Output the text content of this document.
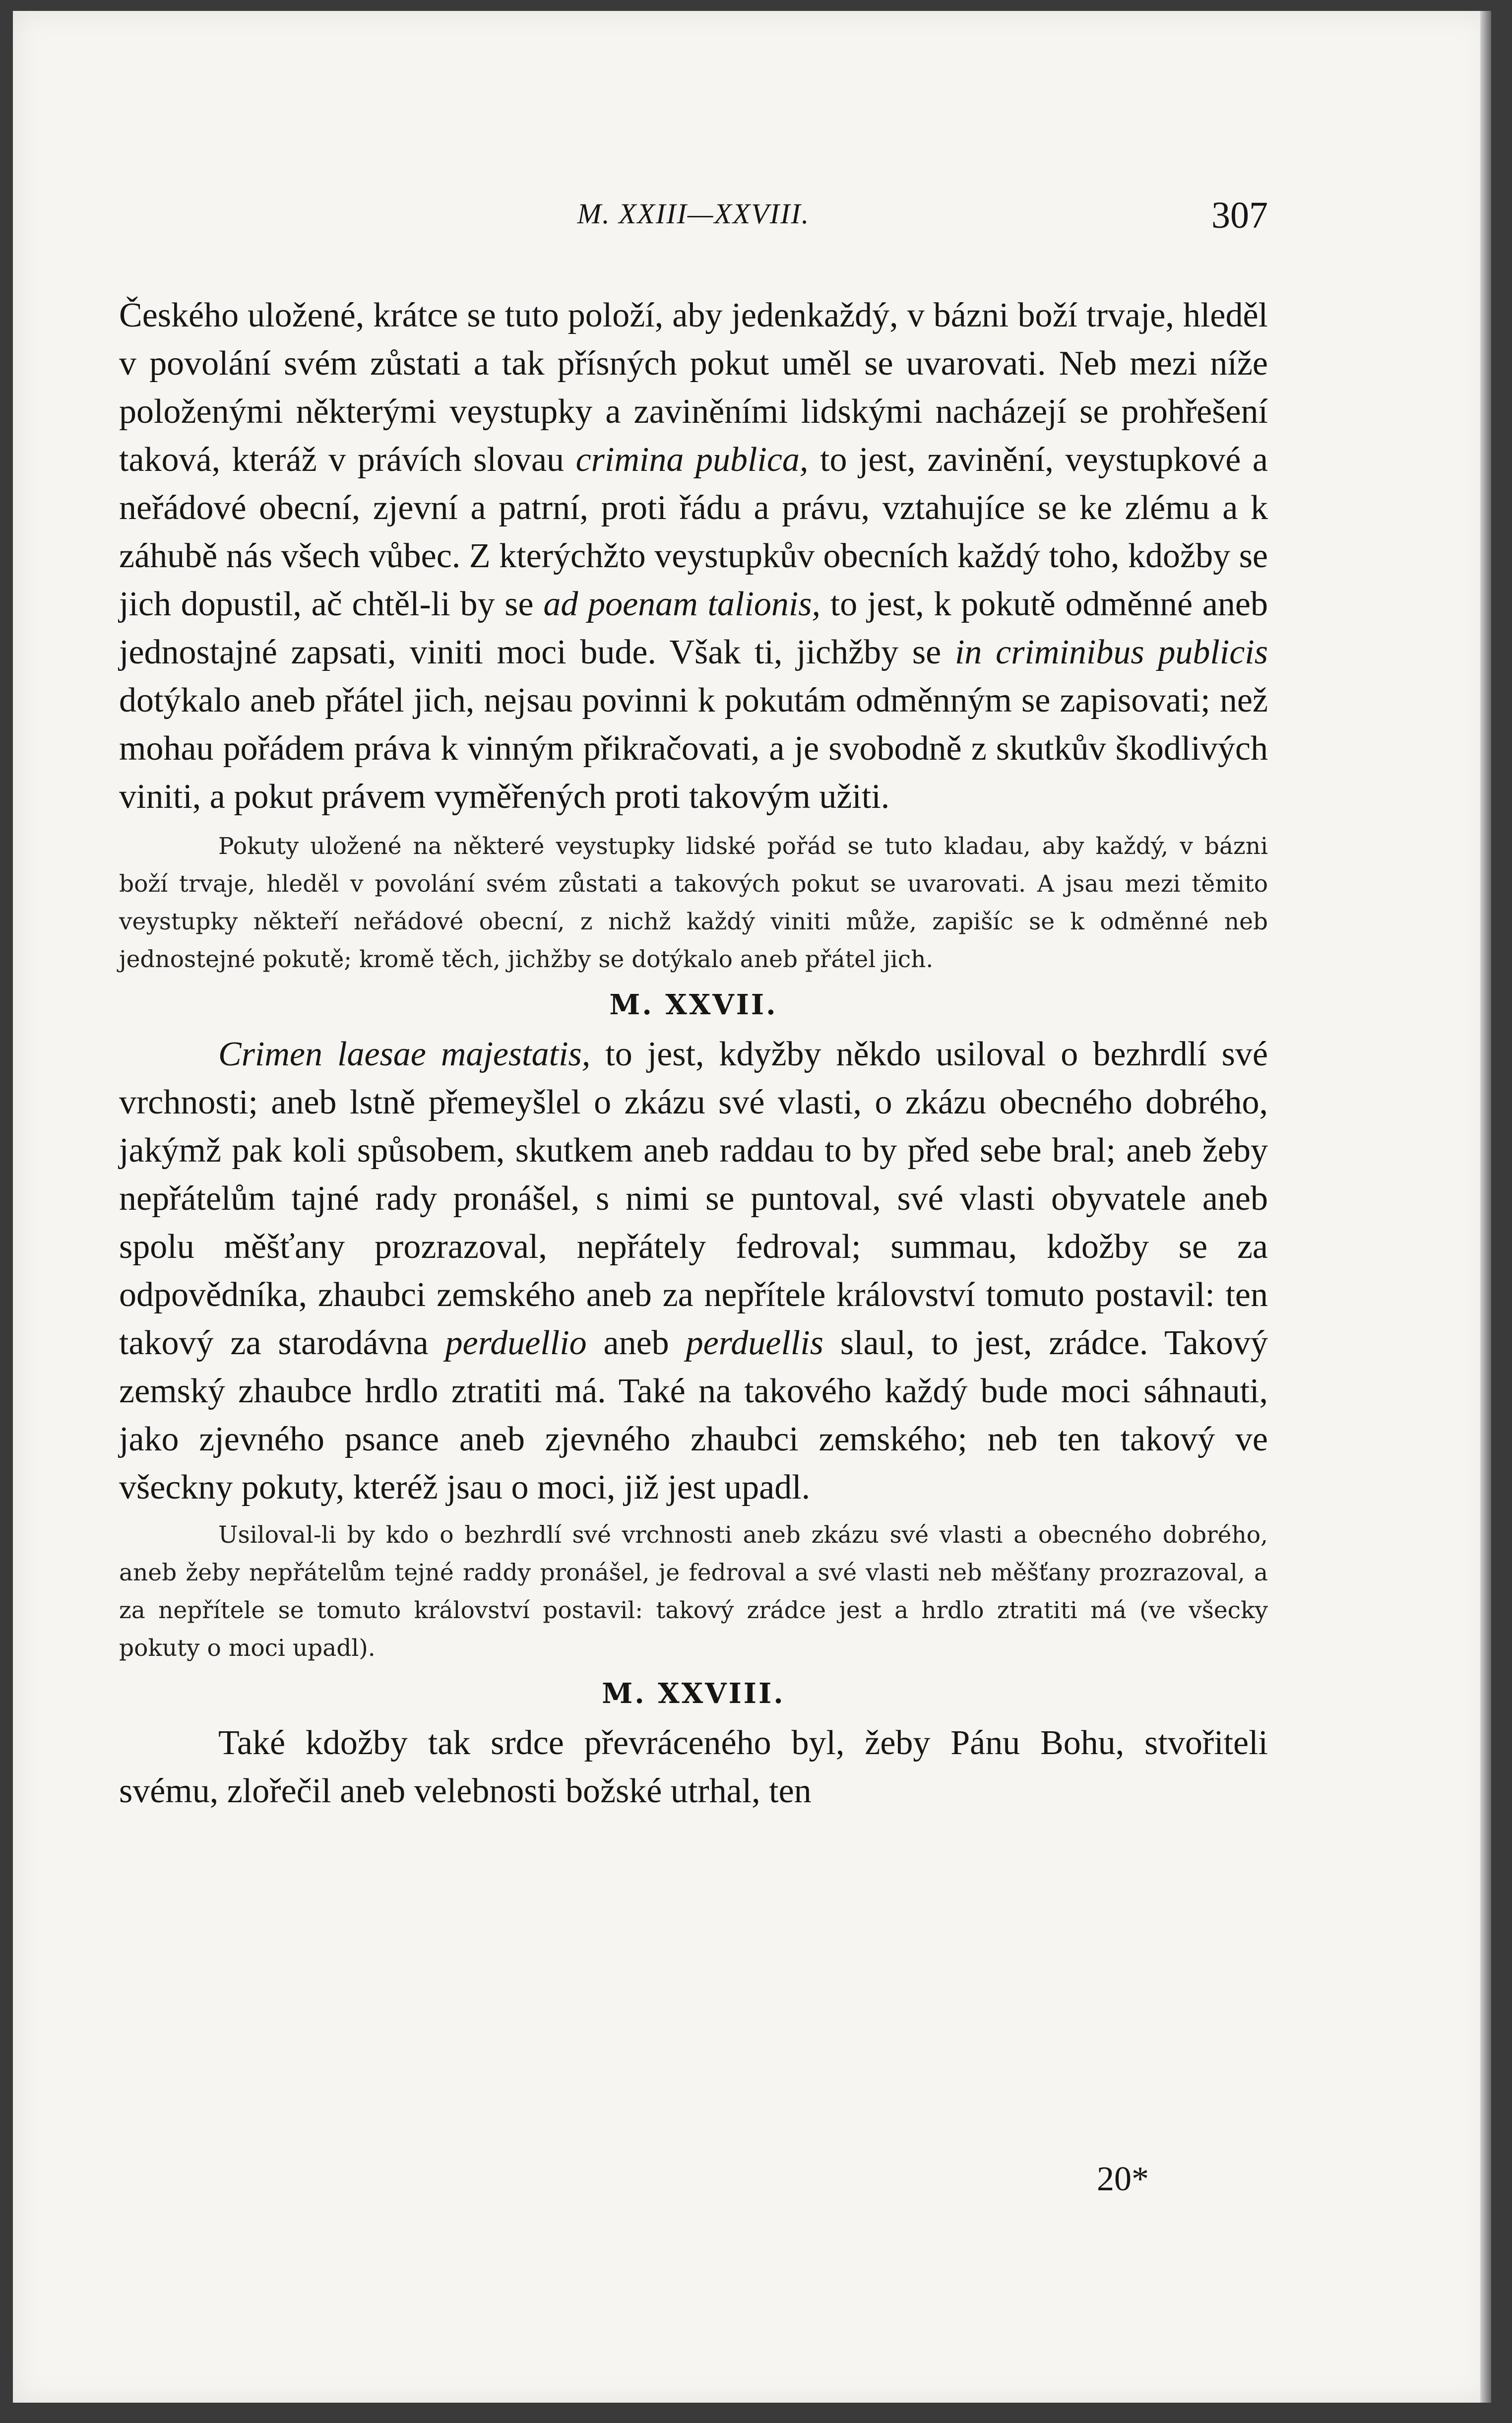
M. XXIII—XXVIII.	307

Českého uložené, krátce se tuto položí, aby jedenkaždý, v bázni boží trvaje, hleděl v povolání svém zůstati a tak přísných pokut uměl se uvarovati. Neb mezi níže položenými některými veystupky a zaviněními lidskými nacházejí se prohřešení taková, kteráž v právích slovau crimina publica, to jest, zavinění, veystupkové a neřádové obecní, zjevní a patrní, proti řádu a právu, vztahujíce se ke zlému a k záhubě nás všech vůbec. Z kterýchžto veystupkův obecních každý toho, kdožby se jich dopustil, ač chtěl-li by se ad poenam talionis, to jest, k pokutě odměnné aneb jednostajné zapsati, viniti moci bude. Však ti, jichžby se in criminibus publicis dotýkalo aneb přátel jich, nejsau povinni k pokutám odměnným se zapisovati; než mohau pořádem práva k vinným přikračovati, a je svobodně z skutkův škodlivých viniti, a pokut právem vyměřených proti takovým užiti.

Pokuty uložené na některé veystupky lidské pořád se tuto kladau, aby každý, v bázni boží trvaje, hleděl v povolání svém zůstati a takových pokut se uvarovati. A jsau mezi těmito veystupky někteří neřádové obecní, z nichž každý viniti může, zapišíc se k odměnné neb jednostejné pokutě; kromě těch, jichžby se dotýkalo aneb přátel jich.

M. XXVII.

Crimen laesae majestatis, to jest, kdyžby někdo usiloval o bezhrdlí své vrchnosti; aneb lstně přemeyšlel o zkázu své vlasti, o zkázu obecného dobrého, jakýmž pak koli spůsobem, skutkem aneb raddau to by před sebe bral; aneb žeby nepřátelům tajné rady pronášel, s nimi se puntoval, své vlasti obyvatele aneb spolu měšťany prozrazoval, nepřátely fedroval; summau, kdožby se za odpovědníka, zhaubci zemského aneb za nepřítele království tomuto postavil: ten takový za starodávna perduellio aneb perduellis slaul, to jest, zrádce. Takový zemský zhaubce hrdlo ztratiti má. Také na takového každý bude moci sáhnauti, jako zjevného psance aneb zjevného zhaubci zemského; neb ten takový ve všeckny pokuty, kteréž jsau o moci, již jest upadl.

Usiloval-li by kdo o bezhrdlí své vrchnosti aneb zkázu své vlasti a obecného dobrého, aneb žeby nepřátelům tejné raddy pronášel, je fedroval a své vlasti neb měšťany prozrazoval, a za nepřítele se tomuto království postavil: takový zrádce jest a hrdlo ztratiti má (ve všecky pokuty o moci upadl).

M. XXVIII.

Také kdožby tak srdce převráceného byl, žeby Pánu Bohu, stvořiteli svému, zlořečil aneb velebnosti božské utrhal, ten

20*
